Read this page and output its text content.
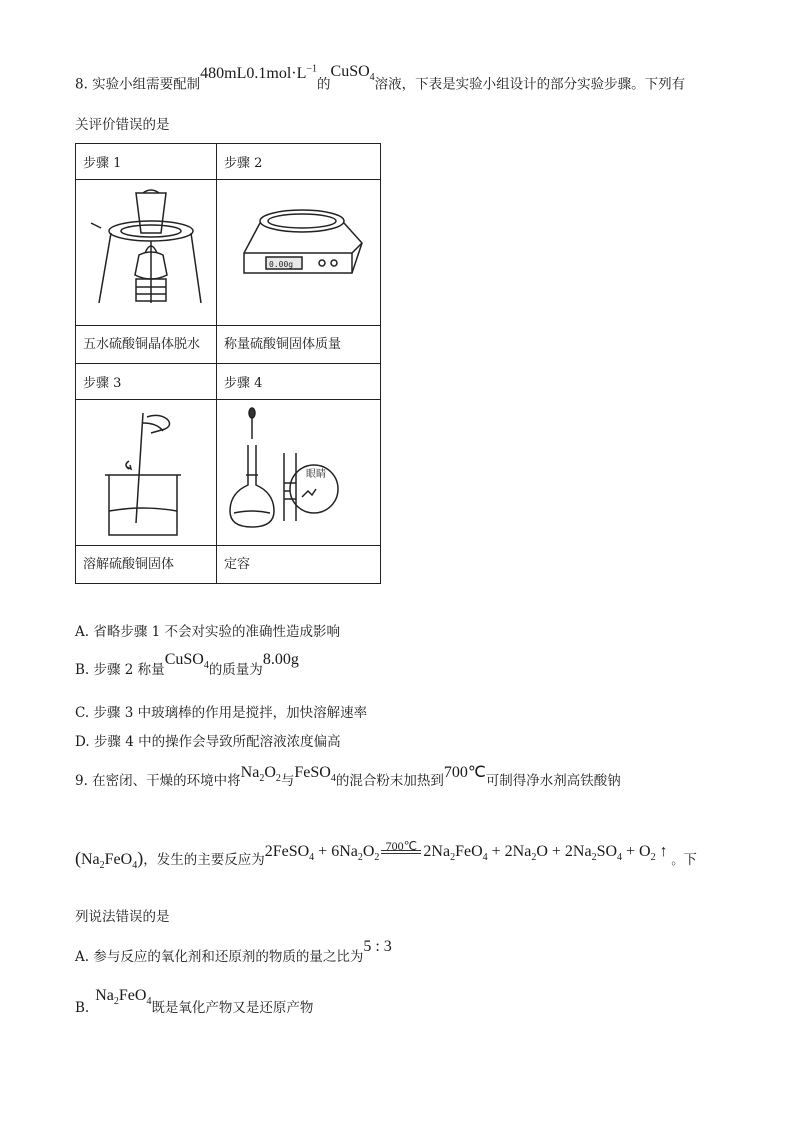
8. 实验小组需要配制$480mL0.1mol\cdot L^{-1}$的CuSO$_4$溶液，下表是实验小组设计的部分实验步骤。下列有
关评价错误的是
步骤 1	步骤 2

0.00g

五水硫酸铜晶体脱水	称量硫酸铜固体质量
步骤 3	步骤 4

眼睛

溶解硫酸铜固体	定容
A. 省略步骤 1 不会对实验的准确性造成影响
B. 步骤 2 称量CuSO$_4$的质量为8.00g
C. 步骤 3 中玻璃棒的作用是搅拌，加快溶解速率
D. 步骤 4 中的操作会导致所配溶液浓度偏高
9. 在密闭、干燥的环境中将$Na_2O_2$与FeSO$_4$的混合粉末加热到700℃可制得净水剂高铁酸钠
$(Na_2FeO_4)$，发生的主要反应为2FeSO$_4$ + $6Na_2O_2$
700℃ $2Na_2FeO_4 + 2Na_2O + 2Na_2SO_4 + O_2$ ↑ 。下
列说法错误的是
A. 参与反应的氧化剂和还原剂的物质的量之比为5 : 3
$B.Na_2FeO_4$既是氧化产物又是还原产物
